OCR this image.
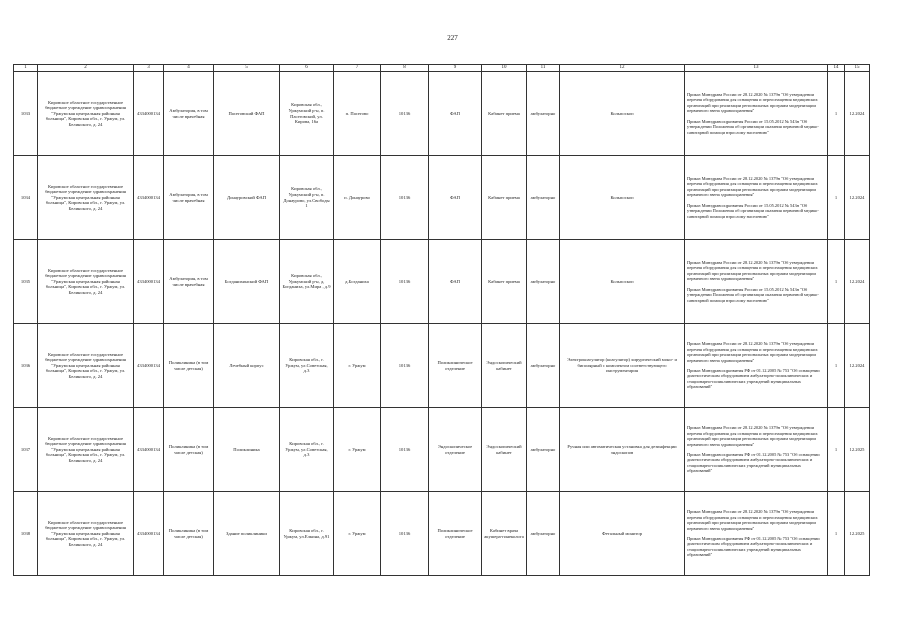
227
1	2	3	4	5	6	7	8	9	10	11	12	13	14	15
1033	Кировское областное государственное бюджетное учреждение здравоохранения "Уржумская центральная районная больница", Кировская обл., г. Уржум, ул. Белинского, д. 24	4334000134	Амбулатория, в том числе врачебная	Пасеговский ФАП	Кировская обл., Уржумский р-н, п. Пасеговский, ул. Кирова, 16а	п. Пасегово	10136	ФАП	Кабинет приема	амбулаторно	Кольпоскоп	Приказ Минздрава России от 28.12.2020 № 1379н "Об утверждении перечня оборудования для оснащения и переоснащения медицинских организаций при реализации региональных программ модернизации первичного звена здравоохранения"

Приказ Минздравсоцразвития России от 15.05.2012 № 543н "Об утверждении Положения об организации оказания первичной медико-санитарной помощи взрослому населению"	1	12.2024
1034	Кировское областное государственное бюджетное учреждение здравоохранения "Уржумская центральная районная больница", Кировская обл., г. Уржум, ул. Белинского, д. 24	4334000134	Амбулатория, в том числе врачебная	Донауровский ФАП	Кировская обл., Уржумский р-н, п. Донаурово, ул.Свободы 1	п. Донаурово	10136	ФАП	Кабинет приема	амбулаторно	Кольпоскоп	Приказ Минздрава России от 28.12.2020 № 1379н "Об утверждении перечня оборудования для оснащения и переоснащения медицинских организаций при реализации региональных программ модернизации первичного звена здравоохранения"

Приказ Минздравсоцразвития России от 15.05.2012 № 543н "Об утверждении Положения об организации оказания первичной медико-санитарной помощи взрослому населению"	1	12.2024
1035	Кировское областное государственное бюджетное учреждение здравоохранения "Уржумская центральная районная больница", Кировская обл., г. Уржум, ул. Белинского, д. 24	4334000134	Амбулатория, в том числе врачебная	Богданихинский ФАП	Кировская обл., Уржумский р-н, д. Богданиха, ул.Мира , д.9	д.Богданиха	10136	ФАП	Кабинет приема	амбулаторно	Кольпоскоп	Приказ Минздрава России от 28.12.2020 № 1379н "Об утверждении перечня оборудования для оснащения и переоснащения медицинских организаций при реализации региональных программ модернизации первичного звена здравоохранения"

Приказ Минздравсоцразвития России от 15.05.2012 № 543н "Об утверждении Положения об организации оказания первичной медико-санитарной помощи взрослому населению"	1	12.2024
1036	Кировское областное государственное бюджетное учреждение здравоохранения "Уржумская центральная районная больница", Кировская обл., г. Уржум, ул. Белинского, д. 24	4334000134	Поликлиника (в том числе детская)	Лечебный корпус	Кировская обл., г. Уржум, ул.Советская, д.3	г. Уржум	10136	Поликлиническое отделение	Эндоскопический кабинет	амбулаторно	Электрокоагулятор (коагулятор) хирургический моно- и биполярный с комплектом соответствующего инструментария	Приказ Минздрава России от 28.12.2020 № 1379н "Об утверждении перечня оборудования для оснащения и переоснащения медицинских организаций при реализации региональных программ модернизации первичного звена здравоохранения"

Приказ Минздравсоцразвития РФ от 01.12.2005 № 753 "Об оснащении диагностическим оборудованием амбулаторно-поликлинических и стационарно-поликлинических учреждений муниципальных образований"	1	12.2024
1037	Кировское областное государственное бюджетное учреждение здравоохранения "Уржумская центральная районная больница", Кировская обл., г. Уржум, ул. Белинского, д. 24	4334000134	Поликлиника (в том числе детская)	Поликлиника	Кировская обл., г. Уржум, ул.Советская, д.3	г. Уржум	10136	Эндоскопическое отделение	Эндоскопический кабинет	амбулаторно	Ручная или автоматическая установка для дезинфекции эндоскопов	Приказ Минздрава России от 28.12.2020 № 1379н "Об утверждении перечня оборудования для оснащения и переоснащения медицинских организаций при реализации региональных программ модернизации первичного звена здравоохранения"

Приказ Минздравсоцразвития РФ от 01.12.2005 № 753 "Об оснащении диагностическим оборудованием амбулаторно-поликлинических и стационарно-поликлинических учреждений муниципальных образований"	1	12.2025
1038	Кировское областное государственное бюджетное учреждение здравоохранения "Уржумская центральная районная больница", Кировская обл., г. Уржум, ул. Белинского, д. 24	4334000134	Поликлиника (в том числе детская)	Здание поликлиники	Кировская обл., г. Уржум, ул.Елкина, д.91	г. Уржум	10136	Поликлиническое отделение	Кабинет врача акушера-гинеколога	амбулаторно	Фетальный монитор	Приказ Минздрава России от 28.12.2020 № 1379н "Об утверждении перечня оборудования для оснащения и переоснащения медицинских организаций при реализации региональных программ модернизации первичного звена здравоохранения"

Приказ Минздравсоцразвития РФ от 01.12.2005 № 753 "Об оснащении диагностическим оборудованием амбулаторно-поликлинических и стационарно-поликлинических учреждений муниципальных образований"	1	12.2025
